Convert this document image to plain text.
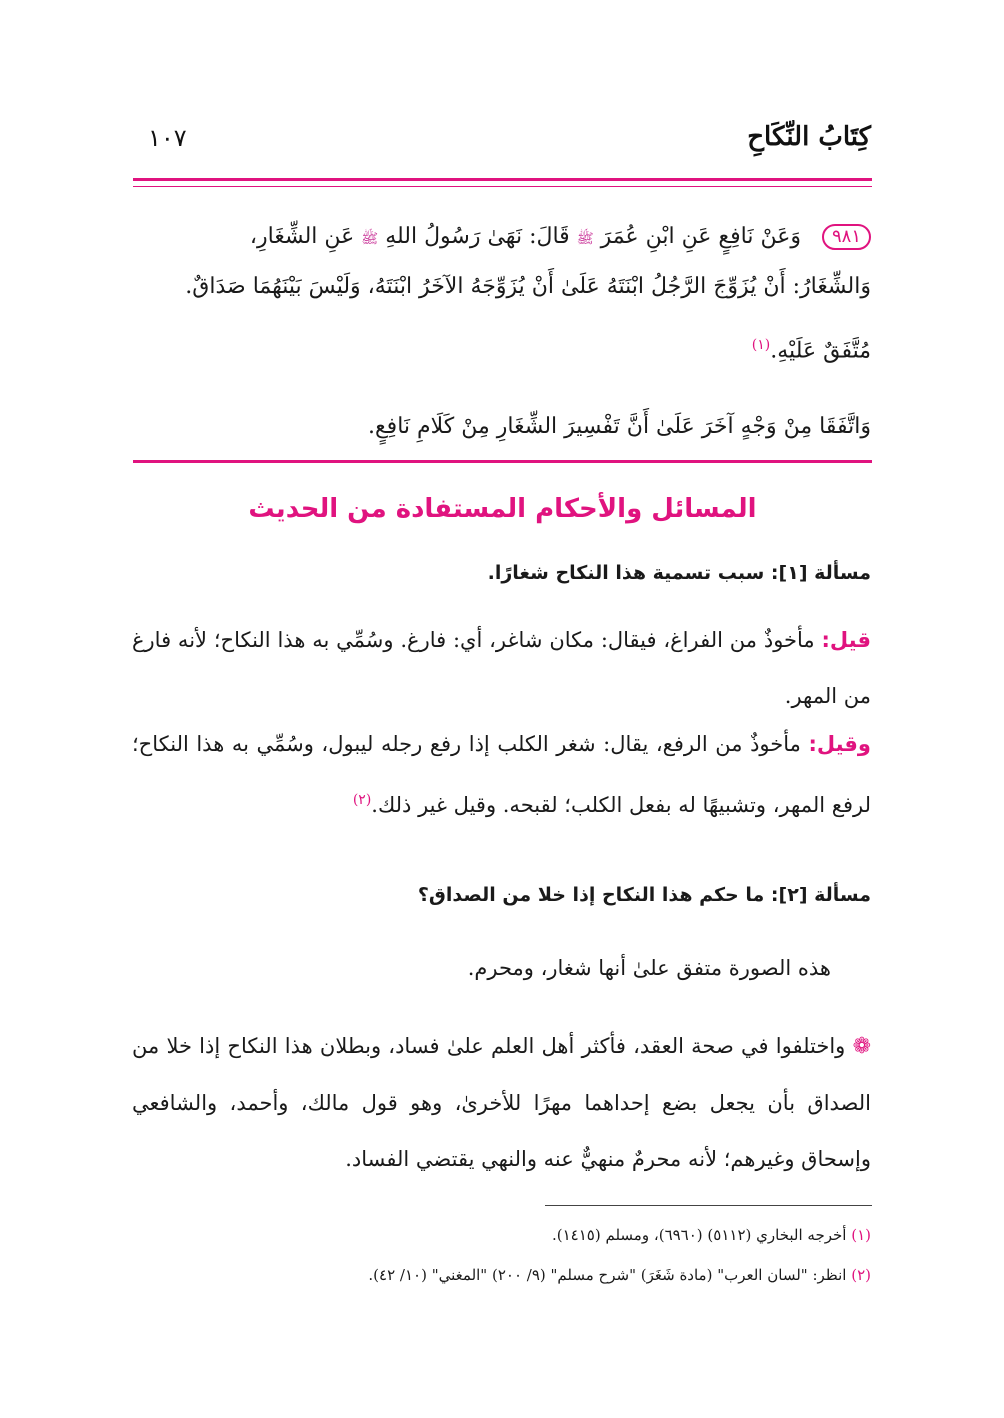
كِتَابُ النِّكَاحِ
١٠٧
٩٨١ وَعَنْ نَافِعٍ عَنِ ابْنِ عُمَرَ ﷺ قَالَ: نَهَىٰ رَسُولُ اللهِ ﷺ عَنِ الشِّغَارِ،
وَالشِّغَارُ: أَنْ يُزَوِّجَ الرَّجُلُ ابْنَتَهُ عَلَىٰ أَنْ يُزَوِّجَهُ الآخَرُ ابْنَتَهُ، وَلَيْسَ بَيْنَهُمَا صَدَاقٌ.
مُتَّفَقٌ عَلَيْهِ.$^{(١)}$
وَاتَّفَقَا مِنْ وَجْهٍ آخَرَ عَلَىٰ أَنَّ تَفْسِيرَ الشِّغَارِ مِنْ كَلَامِ نَافِعٍ.
المسائل والأحكام المستفادة من الحديث
مسألة [١]: سبب تسمية هذا النكاح شغارًا.
قيل: مأخوذٌ من الفراغ، فيقال: مكان شاغر، أي: فارغ. وسُمِّي به هذا النكاح؛ لأنه فارغ من المهر.
وقيل: مأخوذٌ من الرفع، يقال: شغر الكلب إذا رفع رجله ليبول، وسُمِّي به هذا النكاح؛ لرفع المهر، وتشبيهًا له بفعل الكلب؛ لقبحه. وقيل غير ذلك.$^{(٢)}$
مسألة [٢]: ما حكم هذا النكاح إذا خلا من الصداق؟
هذه الصورة متفق علىٰ أنها شغار، ومحرم.
❁ واختلفوا في صحة العقد، فأكثر أهل العلم علىٰ فساد، وبطلان هذا النكاح إذا خلا من الصداق بأن يجعل بضع إحداهما مهرًا للأخرىٰ، وهو قول مالك، وأحمد، والشافعي وإسحاق وغيرهم؛ لأنه محرمٌ منهيٌّ عنه والنهي يقتضي الفساد.
(١) أخرجه البخاري (٥١١٢) (٦٩٦٠)، ومسلم (١٤١٥).
(٢) انظر: "لسان العرب" (مادة شَغَرَ) "شرح مسلم" (٩/ ٢٠٠) "المغني" (١٠/ ٤٢).
